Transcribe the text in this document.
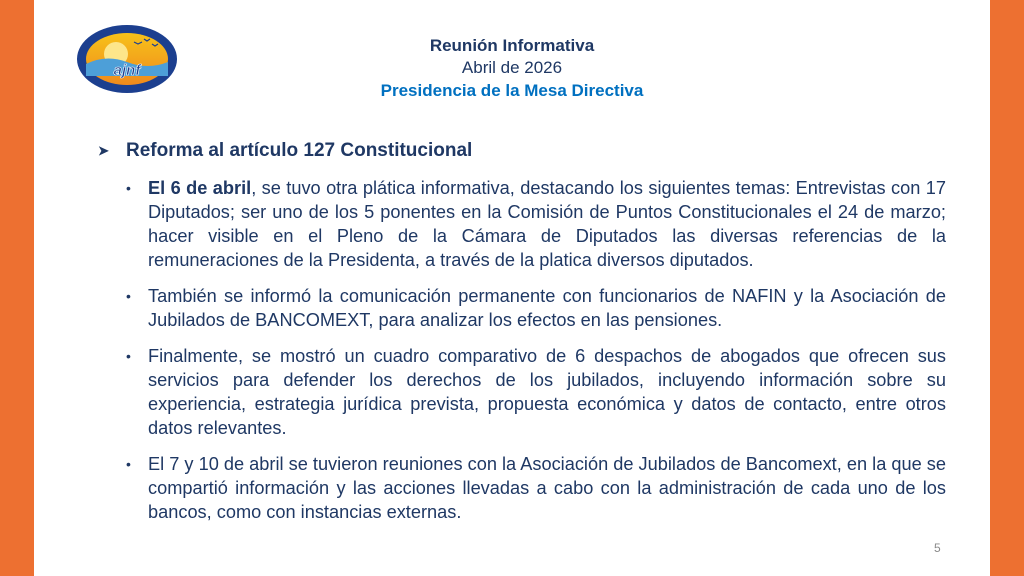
ajnf
Reunión Informativa
Abril de 2026
Presidencia de la Mesa Directiva
➤ Reforma al artículo 127 Constitucional
• El 6 de abril, se tuvo otra plática informativa, destacando los siguientes temas: Entrevistas con 17 Diputados; ser uno de los 5 ponentes en la Comisión de Puntos Constitucionales el 24 de marzo; hacer visible en el Pleno de la Cámara de Diputados las diversas referencias de la remuneraciones de la Presidenta, a través de la platica diversos diputados.
• También se informó la comunicación permanente con funcionarios de NAFIN y la Asociación de Jubilados de BANCOMEXT, para analizar los efectos en las pensiones.
• Finalmente, se mostró un cuadro comparativo de 6 despachos de abogados que ofrecen sus servicios para defender los derechos de los jubilados, incluyendo información sobre su experiencia, estrategia jurídica prevista, propuesta económica y datos de contacto, entre otros datos relevantes.
• El 7 y 10 de abril se tuvieron reuniones con la Asociación de Jubilados de Bancomext, en la que se compartió información y las acciones llevadas a cabo con la administración de cada uno de los bancos, como con instancias externas.
5
